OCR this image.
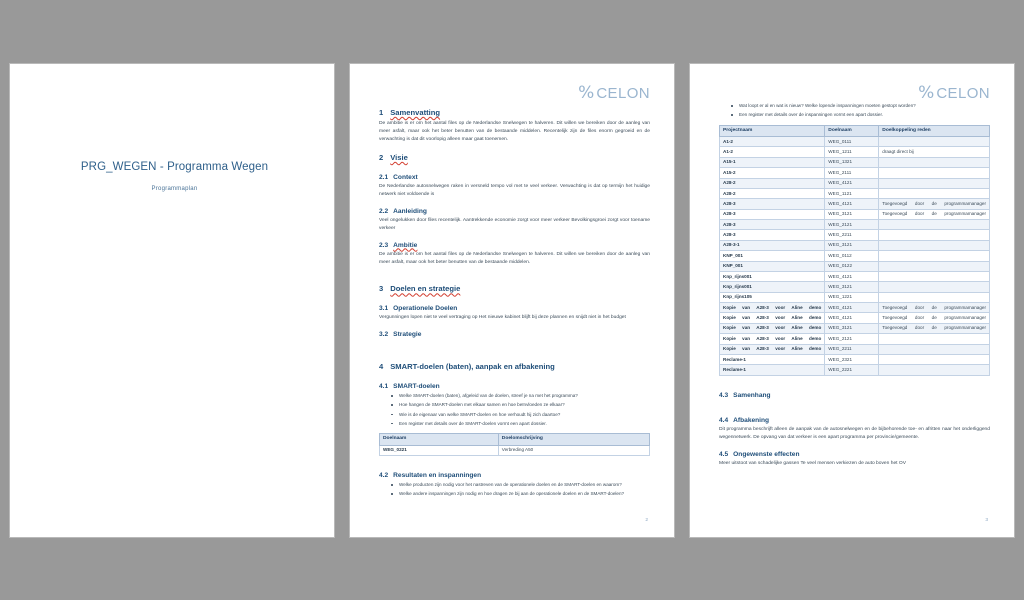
PRG_WEGEN - Programma Wegen
Programmaplan
% CELON
1 Samenvatting

De ambitie is er om het aantal files op de Nederlandse Snelwegen te halveren. Dit willen we bereiken door de aanleg van meer asfalt, maar ook het beter benutten van de bestaande middelen. Recentelijk zijn de files enorm gegroeid en de verwachting is dat dit voorlopig alleen maar gaat toenemen.

2 Visie
2.1 Context

De Nederlandse autosnelwegen raken in versneld tempo vol met te veel verkeer. Verwachting is dat op termijn het huidige netwerk niet voldoende is

2.2 Aanleiding

Veel ongelukken door files recentelijk. Aantrekkende economie zorgt voor meer verkeer Bevolkingsgroei zorgt voor toename verkeer

2.3 Ambitie

De ambitie is er om het aantal files op de Nederlandse Snelwegen te halveren. Dit willen we bereiken door de aanleg van meer asfalt, maar ook het beter benutten van de bestaande middelen.

3 Doelen en strategie
3.1 Operationele Doelen

Vergunningen lopen niet te veel vertraging op Het nieuwe kabinet blijft bij deze plannen en snijdt niet in het budget

3.2 Strategie
4 SMART-doelen (baten), aanpak en afbakening
4.1 SMART-doelen
Welke SMART-doelen (baten), afgeleid van de doelen, streef je na met het programma?
Hoe hangen de SMART-doelen met elkaar samen en hoe beïnvloeden ze elkaar?
Wie is de eigenaar van welke SMART-doelen en hoe verhoudt hij zich daartoe?
Een register met details over de SMART-doelen vormt een apart dossier.
Doelnaam	Doelomschrijving
WEG_0221	Verbreding A50
4.2 Resultaten en inspanningen
Welke producten zijn nodig voor het nastreven van de operationele doelen en de SMART-doelen en waarom?
Welke andere inspanningen zijn nodig en hoe dragen ze bij aan de operationele doelen en de SMART-doelen?
2
% CELON
Wat loopt er al en wat is nieuw? Welke lopende inspanningen moeten gestopt worden?
Een register met details over de inspanningen vormt een apart dossier.
Projectnaam	Doelnaam	Doelkoppeling reden
A1-2	WEG_0111	
A1-2	WEG_1211	draagt direct bij
A15-1	WEG_1321	
A15-2	WEG_2111	
A28-2	WEG_4121	
A28-2	WEG_1121	
A28-3	WEG_4121	Toegevoegd door de programmamanager
A28-3	WEG_3121	Toegevoegd door de programmamanager
A28-3	WEG_2121	
A28-3	WEG_2211	
A28-3-1	WEG_3121	
KNP_001	WEG_0112	
KNP_001	WEG_0122	
Knp_rijns001	WEG_4121	
Knp_rijns001	WEG_3121	
Knp_rijns105	WEG_1221	
Kopie van A28-3 voor Aline demo	WEG_4121	Toegevoegd door de programmamanager
Kopie van A28-3 voor Aline demo	WEG_4121	Toegevoegd door de programmamanager
Kopie van A28-3 voor Aline demo	WEG_3121	Toegevoegd door de programmamanager
Kopie van A28-3 voor Aline demo	WEG_2121	
Kopie van A28-3 voor Aline demo	WEG_2211	
Reclame-1	WEG_2321	
Reclame-1	WEG_2221	
4.3 Samenhang
4.4 Afbakening

Dit programma beschrijft alleen de aanpak van de autosnelwegen en de bijbehorende toe- en afritten naar het onderliggend wegennetwerk. De opvang van dat verkeer is een apart programma per provincie/gemeente.

4.5 Ongewenste effecten

Meer uitstoot van schadelijke gassen Te veel mensen verkiezen de auto boven het OV

3
